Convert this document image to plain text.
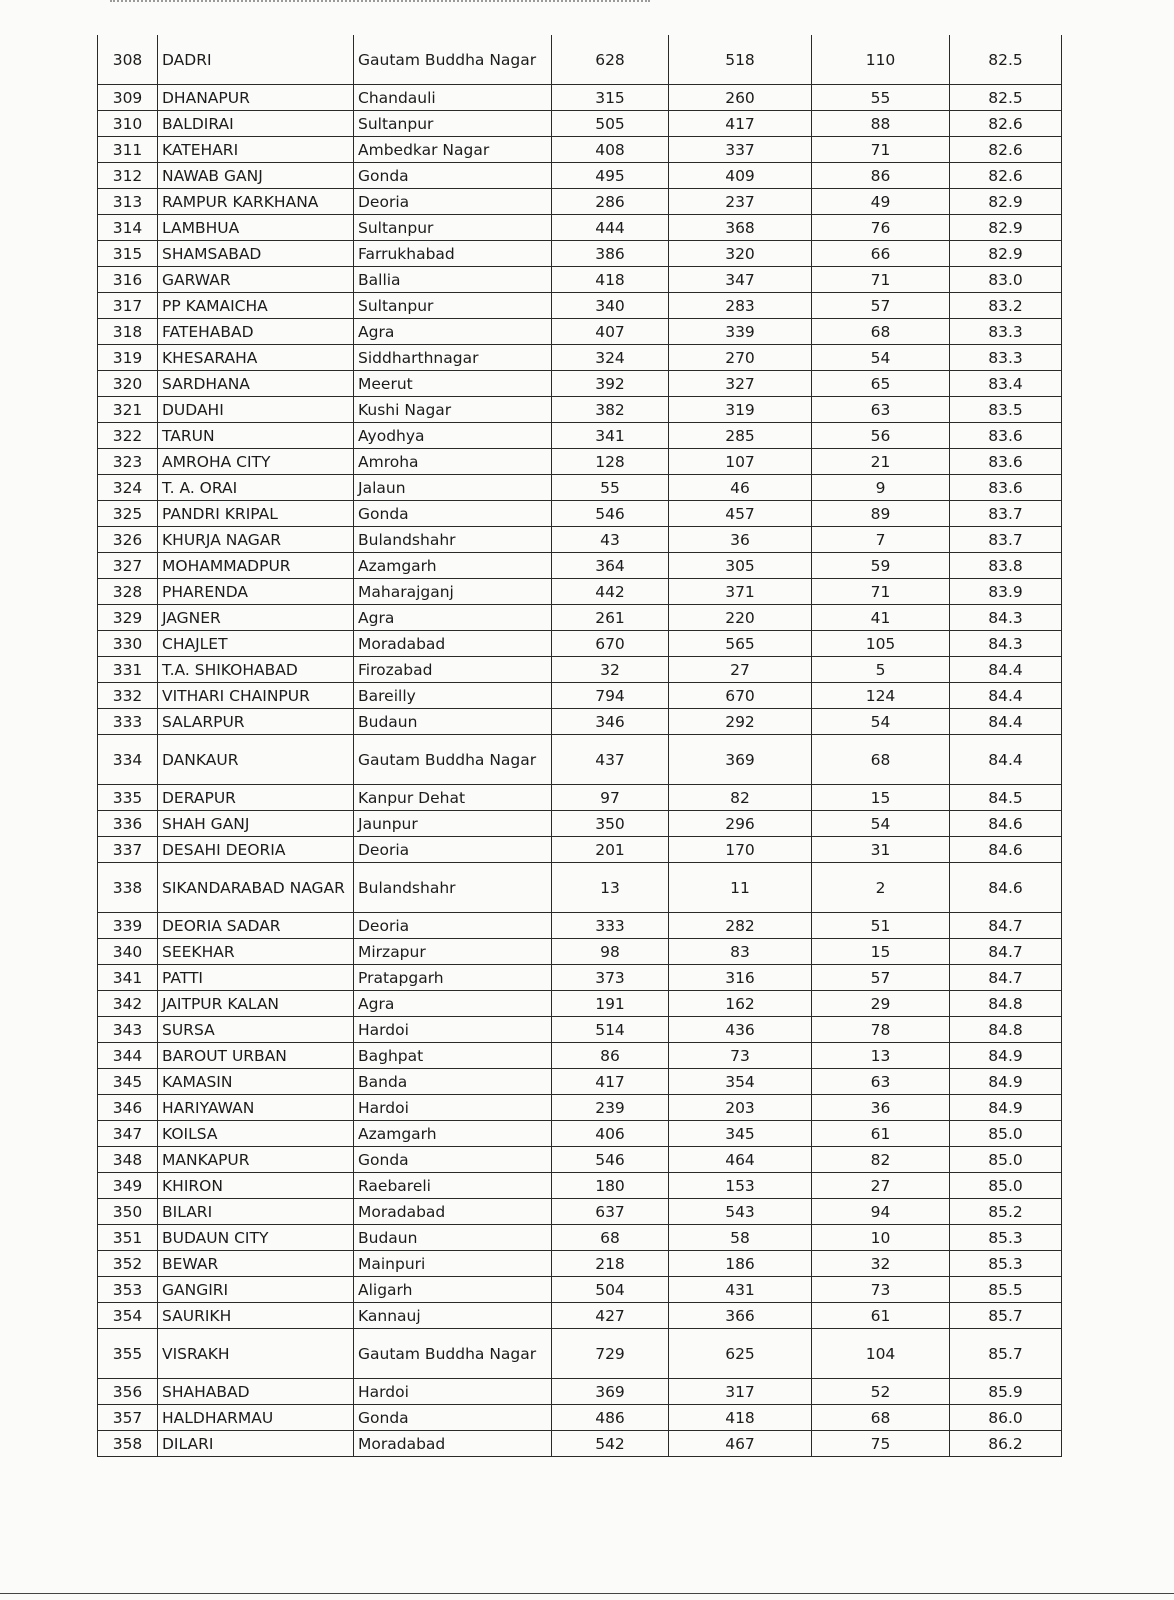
308	DADRI	Gautam Buddha Nagar	628	518	110	82.5
309	DHANAPUR	Chandauli	315	260	55	82.5
310	BALDIRAI	Sultanpur	505	417	88	82.6
311	KATEHARI	Ambedkar Nagar	408	337	71	82.6
312	NAWAB GANJ	Gonda	495	409	86	82.6
313	RAMPUR KARKHANA	Deoria	286	237	49	82.9
314	LAMBHUA	Sultanpur	444	368	76	82.9
315	SHAMSABAD	Farrukhabad	386	320	66	82.9
316	GARWAR	Ballia	418	347	71	83.0
317	PP KAMAICHA	Sultanpur	340	283	57	83.2
318	FATEHABAD	Agra	407	339	68	83.3
319	KHESARAHA	Siddharthnagar	324	270	54	83.3
320	SARDHANA	Meerut	392	327	65	83.4
321	DUDAHI	Kushi Nagar	382	319	63	83.5
322	TARUN	Ayodhya	341	285	56	83.6
323	AMROHA CITY	Amroha	128	107	21	83.6
324	T. A. ORAI	Jalaun	55	46	9	83.6
325	PANDRI KRIPAL	Gonda	546	457	89	83.7
326	KHURJA NAGAR	Bulandshahr	43	36	7	83.7
327	MOHAMMADPUR	Azamgarh	364	305	59	83.8
328	PHARENDA	Maharajganj	442	371	71	83.9
329	JAGNER	Agra	261	220	41	84.3
330	CHAJLET	Moradabad	670	565	105	84.3
331	T.A. SHIKOHABAD	Firozabad	32	27	5	84.4
332	VITHARI CHAINPUR	Bareilly	794	670	124	84.4
333	SALARPUR	Budaun	346	292	54	84.4
334	DANKAUR	Gautam Buddha Nagar	437	369	68	84.4
335	DERAPUR	Kanpur Dehat	97	82	15	84.5
336	SHAH GANJ	Jaunpur	350	296	54	84.6
337	DESAHI DEORIA	Deoria	201	170	31	84.6
338	SIKANDARABAD NAGAR	Bulandshahr	13	11	2	84.6
339	DEORIA SADAR	Deoria	333	282	51	84.7
340	SEEKHAR	Mirzapur	98	83	15	84.7
341	PATTI	Pratapgarh	373	316	57	84.7
342	JAITPUR KALAN	Agra	191	162	29	84.8
343	SURSA	Hardoi	514	436	78	84.8
344	BAROUT URBAN	Baghpat	86	73	13	84.9
345	KAMASIN	Banda	417	354	63	84.9
346	HARIYAWAN	Hardoi	239	203	36	84.9
347	KOILSA	Azamgarh	406	345	61	85.0
348	MANKAPUR	Gonda	546	464	82	85.0
349	KHIRON	Raebareli	180	153	27	85.0
350	BILARI	Moradabad	637	543	94	85.2
351	BUDAUN CITY	Budaun	68	58	10	85.3
352	BEWAR	Mainpuri	218	186	32	85.3
353	GANGIRI	Aligarh	504	431	73	85.5
354	SAURIKH	Kannauj	427	366	61	85.7
355	VISRAKH	Gautam Buddha Nagar	729	625	104	85.7
356	SHAHABAD	Hardoi	369	317	52	85.9
357	HALDHARMAU	Gonda	486	418	68	86.0
358	DILARI	Moradabad	542	467	75	86.2
